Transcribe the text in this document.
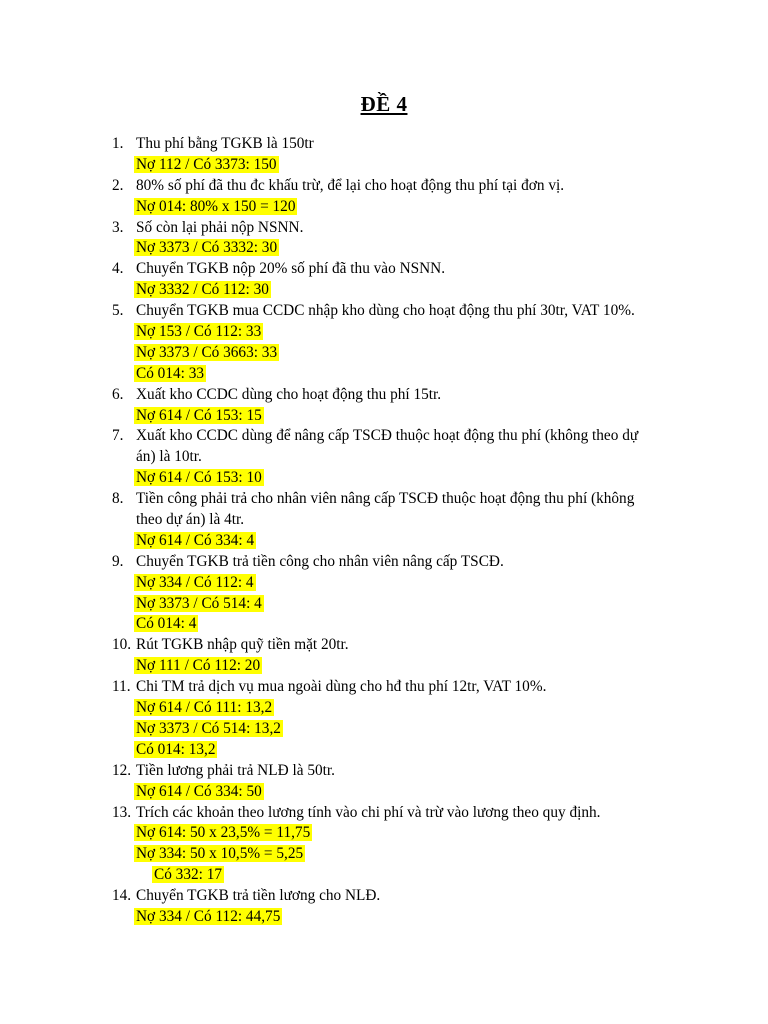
ĐỀ 4
1. Thu phí bằng TGKB là 150tr
Nợ 112 / Có 3373: 150
2. 80% số phí đã thu đc khấu trừ, để lại cho hoạt động thu phí tại đơn vị.
Nợ 014: 80% x 150 = 120
3. Số còn lại phải nộp NSNN.
Nợ 3373 / Có 3332: 30
4. Chuyển TGKB nộp 20% số phí đã thu vào NSNN.
Nợ 3332 / Có 112: 30
5. Chuyển TGKB mua CCDC nhập kho dùng cho hoạt động thu phí 30tr, VAT 10%.
Nợ 153 / Có 112: 33
Nợ 3373 / Có 3663: 33
Có 014: 33
6. Xuất kho CCDC dùng cho hoạt động thu phí 15tr.
Nợ 614 / Có 153: 15
7. Xuất kho CCDC dùng để nâng cấp TSCĐ thuộc hoạt động thu phí (không theo dự
án) là 10tr.
Nợ 614 / Có 153: 10
8. Tiền công phải trả cho nhân viên nâng cấp TSCĐ thuộc hoạt động thu phí (không
theo dự án) là 4tr.
Nợ 614 / Có 334: 4
9. Chuyển TGKB trả tiền công cho nhân viên nâng cấp TSCĐ.
Nợ 334 / Có 112: 4
Nợ 3373 / Có 514: 4
Có 014: 4
10. Rút TGKB nhập quỹ tiền mặt 20tr.
Nợ 111 / Có 112: 20
11. Chi TM trả dịch vụ mua ngoài dùng cho hđ thu phí 12tr, VAT 10%.
Nợ 614 / Có 111: 13,2
Nợ 3373 / Có 514: 13,2
Có 014: 13,2
12. Tiền lương phải trả NLĐ là 50tr.
Nợ 614 / Có 334: 50
13. Trích các khoản theo lương tính vào chi phí và trừ vào lương theo quy định.
Nợ 614: 50 x 23,5% = 11,75
Nợ 334: 50 x 10,5% = 5,25
Có 332: 17
14. Chuyển TGKB trả tiền lương cho NLĐ.
Nợ 334 / Có 112: 44,75
